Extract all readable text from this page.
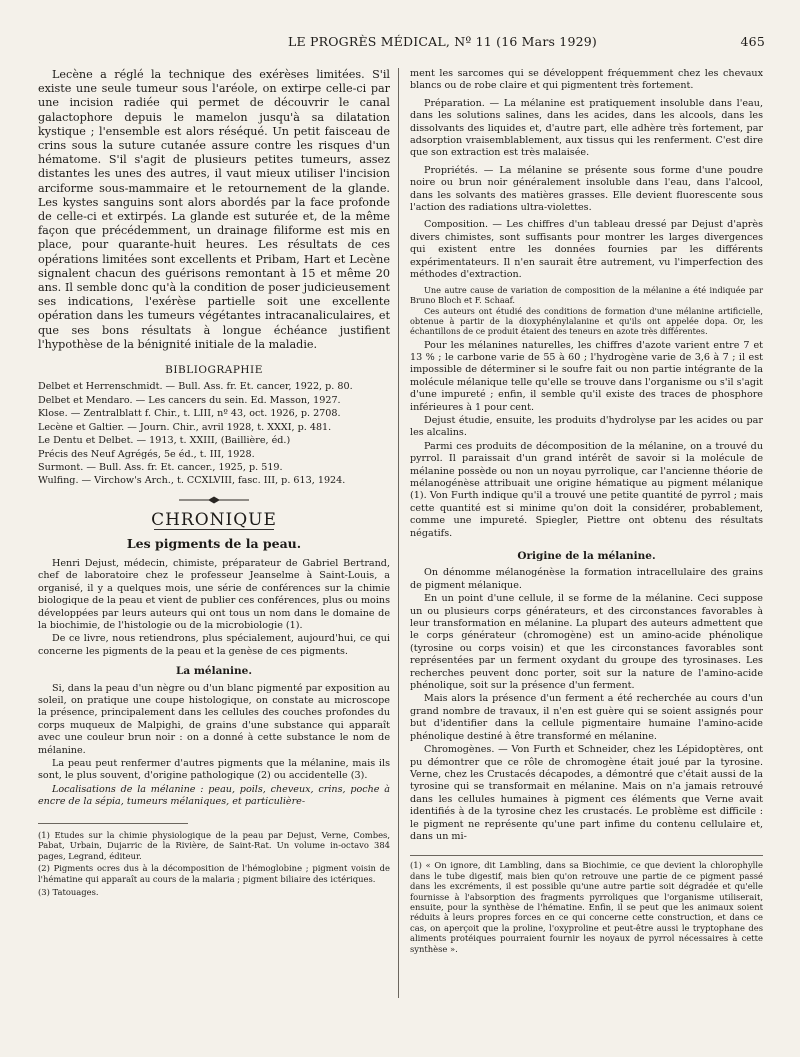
LE PROGRÈS MÉDICAL, Nº 11 (16 Mars 1929)	465

Lecène a réglé la technique des exérèses limitées. S'il existe une seule tumeur sous l'aréole, on extirpe celle-ci par une incision radiée qui permet de découvrir le canal galactophore depuis le mamelon jusqu'à sa dilatation kystique ; l'ensemble est alors réséqué. Un petit faisceau de crins sous la suture cutanée assure contre les risques d'un hématome. S'il s'agit de plusieurs petites tumeurs, assez distantes les unes des autres, il vaut mieux utiliser l'incision arciforme sous-mammaire et le retournement de la glande. Les kystes sanguins sont alors abordés par la face profonde de celle-ci et extirpés. La glande est suturée et, de la même façon que précédemment, un drainage filiforme est mis en place, pour quarante-huit heures. Les résultats de ces opérations limitées sont excellents et Pribam, Hart et Lecène signalent chacun des guérisons remontant à 15 et même 20 ans. Il semble donc qu'à la condition de poser judicieusement ses indications, l'exérèse partielle soit une excellente opération dans les tumeurs végétantes intracanaliculaires, et que ses bons résultats à longue échéance justifient l'hypothèse de la bénignité initiale de la maladie.

BIBLIOGRAPHIE

Delbet et Herrenschmidt. — Bull. Ass. fr. Et. cancer, 1922, p. 80.

Delbet et Mendaro. — Les cancers du sein. Ed. Masson, 1927.

Klose. — Zentralblatt f. Chir., t. LIII, nº 43, oct. 1926, p. 2708.

Lecène et Galtier. — Journ. Chir., avril 1928, t. XXXI, p. 481.

Le Dentu et Delbet. — 1913, t. XXIII, (Baillière, éd.)

Précis des Neuf Agrégés, 5e éd., t. III, 1928.

Surmont. — Bull. Ass. fr. Et. cancer., 1925, p. 519.

Wulfing. — Virchow's Arch., t. CCXLVIII, fasc. III, p. 613, 1924.

CHRONIQUE
Les pigments de la peau.

Henri Dejust, médecin, chimiste, préparateur de Gabriel Bertrand, chef de laboratoire chez le professeur Jeanselme à Saint-Louis, a organisé, il y a quelques mois, une série de conférences sur la chimie biologique de la peau et vient de publier ces conférences, plus ou moins développées par leurs auteurs qui ont tous un nom dans le domaine de la biochimie, de l'histologie ou de la microbiologie (1).

De ce livre, nous retiendrons, plus spécialement, aujourd'hui, ce qui concerne les pigments de la peau et la genèse de ces pigments.

La mélanine.

Si, dans la peau d'un nègre ou d'un blanc pigmenté par exposition au soleil, on pratique une coupe histologique, on constate au microscope la présence, principalement dans les cellules des couches profondes du corps muqueux de Malpighi, de grains d'une substance qui apparaît avec une couleur brun noir : on a donné à cette substance le nom de mélanine.

La peau peut renfermer d'autres pigments que la mélanine, mais ils sont, le plus souvent, d'origine pathologique (2) ou accidentelle (3).

Localisations de la mélanine : peau, poils, cheveux, crins, poche à encre de la sépia, tumeurs mélaniques, et particulière-

(1) Etudes sur la chimie physiologique de la peau par Dejust, Verne, Combes, Pabat, Urbain, Dujarric de la Rivière, de Saint-Rat. Un volume in-octavo 384 pages, Legrand, éditeur.

(2) Pigments ocres dus à la décomposition de l'hémoglobine ; pigment voisin de l'hématine qui apparaît au cours de la malaria ; pigment biliaire des ictériques.

(3) Tatouages.

ment les sarcomes qui se développent fréquemment chez les chevaux blancs ou de robe claire et qui pigmentent très fortement.

Préparation. — La mélanine est pratiquement insoluble dans l'eau, dans les solutions salines, dans les acides, dans les alcools, dans les dissolvants des liquides et, d'autre part, elle adhère très fortement, par adsorption vraisemblablement, aux tissus qui les renferment. C'est dire que son extraction est très malaisée.

Propriétés. — La mélanine se présente sous forme d'une poudre noire ou brun noir généralement insoluble dans l'eau, dans l'alcool, dans les solvants des matières grasses. Elle devient fluorescente sous l'action des radiations ultra-violettes.

Composition. — Les chiffres d'un tableau dressé par Dejust d'après divers chimistes, sont suffisants pour montrer les larges divergences qui existent entre les données fournies par les différents expérimentateurs. Il n'en saurait être autrement, vu l'imperfection des méthodes d'extraction.

Une autre cause de variation de composition de la mélanine a été indiquée par Bruno Bloch et F. Schaaf.

Ces auteurs ont étudié des conditions de formation d'une mélanine artificielle, obtenue à partir de la dioxyphénylalanine et qu'ils ont appelée dopa. Or, les échantillons de ce produit étaient des teneurs en azote très différentes.

Pour les mélanines naturelles, les chiffres d'azote varient entre 7 et 13 % ; le carbone varie de 55 à 60 ; l'hydrogène varie de 3,6 à 7 ; il est impossible de déterminer si le soufre fait ou non partie intégrante de la molécule mélanique telle qu'elle se trouve dans l'organisme ou s'il s'agit d'une impureté ; enfin, il semble qu'il existe des traces de phosphore inférieures à 1 pour cent.

Dejust étudie, ensuite, les produits d'hydrolyse par les acides ou par les alcalins.

Parmi ces produits de décomposition de la mélanine, on a trouvé du pyrrol. Il paraissait d'un grand intérêt de savoir si la molécule de mélanine possède ou non un noyau pyrrolique, car l'ancienne théorie de mélanogénèse attribuait une origine hématique au pigment mélanique (1). Von Furth indique qu'il a trouvé une petite quantité de pyrrol ; mais cette quantité est si minime qu'on doit la considérer, probablement, comme une impureté. Spiegler, Piettre ont obtenu des résultats négatifs.

Origine de la mélanine.

On dénomme mélanogénèse la formation intracellulaire des grains de pigment mélanique.

En un point d'une cellule, il se forme de la mélanine. Ceci suppose un ou plusieurs corps générateurs, et des circonstances favorables à leur transformation en mélanine. La plupart des auteurs admettent que le corps générateur (chromogène) est un amino-acide phénolique (tyrosine ou corps voisin) et que les circonstances favorables sont représentées par un ferment oxydant du groupe des tyrosinases. Les recherches peuvent donc porter, soit sur la nature de l'amino-acide phénolique, soit sur la présence d'un ferment.

Mais alors la présence d'un ferment a été recherchée au cours d'un grand nombre de travaux, il n'en est guère qui se soient assignés pour but d'identifier dans la cellule pigmentaire humaine l'amino-acide phénolique destiné à être transformé en mélanine.

Chromogènes. — Von Furth et Schneider, chez les Lépidoptères, ont pu démontrer que ce rôle de chromogène était joué par la tyrosine. Verne, chez les Crustacés décapodes, a démontré que c'était aussi de la tyrosine qui se transformait en mélanine. Mais on n'a jamais retrouvé dans les cellules humaines à pigment ces éléments que Verne avait identifiés à de la tyrosine chez les crustacés. Le problème est difficile : le pigment ne représente qu'une part infime du contenu cellulaire et, dans un mi-

(1) « On ignore, dit Lambling, dans sa Biochimie, ce que devient la chlorophylle dans le tube digestif, mais bien qu'on retrouve une partie de ce pigment passé dans les excréments, il est possible qu'une autre partie soit dégradée et qu'elle fournisse à l'absorption des fragments pyrroliques que l'organisme utiliserait, ensuite, pour la synthèse de l'hématine. Enfin, il se peut que les animaux soient réduits à leurs propres forces en ce qui concerne cette construction, et dans ce cas, on aperçoit que la proline, l'oxyproline et peut-être aussi le tryptophane des aliments protéiques pourraient fournir les noyaux de pyrrol nécessaires à cette synthèse ».
